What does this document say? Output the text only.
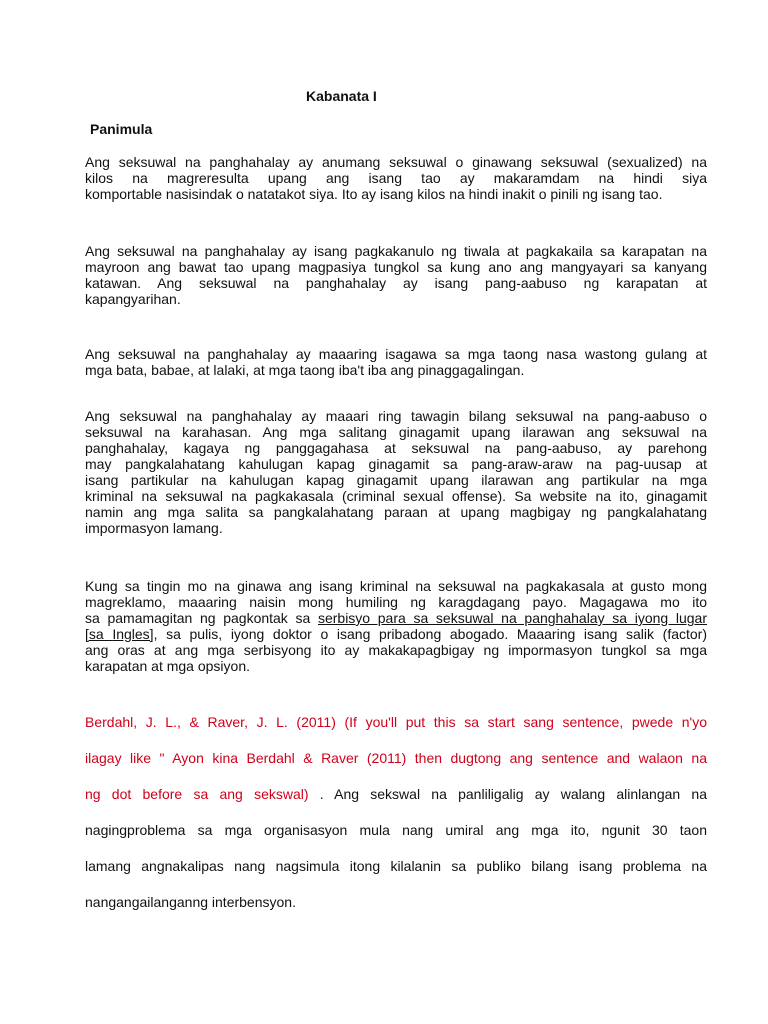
Kabanata I
Panimula
Ang seksuwal na panghahalay ay anumang seksuwal o ginawang seksuwal (sexualized) na
kilos na magreresulta upang ang isang tao ay makaramdam na hindi siya
komportable nasisindak o natatakot siya. Ito ay isang kilos na hindi inakit o pinili ng isang tao.
Ang seksuwal na panghahalay ay isang pagkakanulo ng tiwala at pagkakaila sa karapatan na
mayroon ang bawat tao upang magpasiya tungkol sa kung ano ang mangyayari sa kanyang
katawan. Ang seksuwal na panghahalay ay isang pang-aabuso ng karapatan at
kapangyarihan.
Ang seksuwal na panghahalay ay maaaring isagawa sa mga taong nasa wastong gulang at
mga bata, babae, at lalaki, at mga taong iba't iba ang pinaggagalingan.
Ang seksuwal na panghahalay ay maaari ring tawagin bilang seksuwal na pang-aabuso o
seksuwal na karahasan. Ang mga salitang ginagamit upang ilarawan ang seksuwal na
panghahalay, kagaya ng panggagahasa at seksuwal na pang-aabuso, ay parehong
may pangkalahatang kahulugan kapag ginagamit sa pang-araw-araw na pag-uusap at
isang partikular na kahulugan kapag ginagamit upang ilarawan ang partikular na mga
kriminal na seksuwal na pagkakasala (criminal sexual offense). Sa website na ito, ginagamit
namin ang mga salita sa pangkalahatang paraan at upang magbigay ng pangkalahatang
impormasyon lamang.
Kung sa tingin mo na ginawa ang isang kriminal na seksuwal na pagkakasala at gusto mong
magreklamo, maaaring naisin mong humiling ng karagdagang payo. Magagawa mo ito
sa pamamagitan ng pagkontak sa serbisyo para sa seksuwal na panghahalay sa iyong lugar
[sa Ingles], sa pulis, iyong doktor o isang pribadong abogado. Maaaring isang salik (factor)
ang oras at ang mga serbisyong ito ay makakapagbigay ng impormasyon tungkol sa mga
karapatan at mga opsiyon.
Berdahl, J. L., & Raver, J. L. (2011) (If you'll put this sa start sang sentence, pwede n'yo
ilagay like " Ayon kina Berdahl & Raver (2011) then dugtong ang sentence and walaon na
ng dot before sa ang sekswal) . Ang sekswal na panliligalig ay walang alinlangan na
nagingproblema sa mga organisasyon mula nang umiral ang mga ito, ngunit 30 taon
lamang angnakalipas nang nagsimula itong kilalanin sa publiko bilang isang problema na
nangangailanganng interbensyon.
